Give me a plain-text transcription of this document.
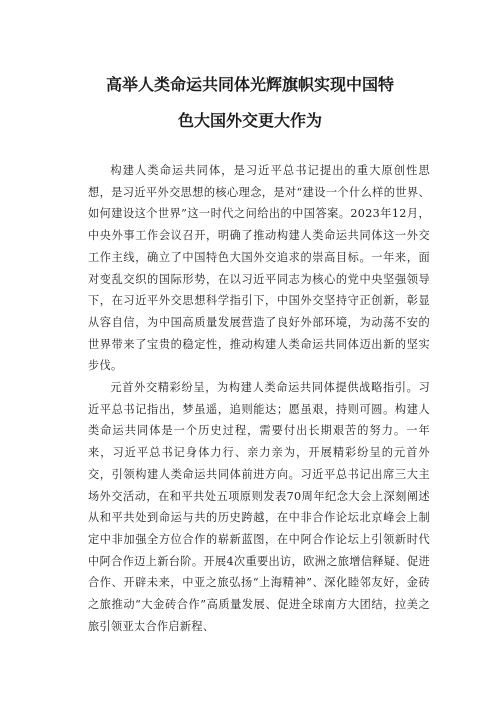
高举人类命运共同体光辉旗帜实现中国特
色大国外交更大作为

构建人类命运共同体，是习近平总书记提出的重大原创性思想，是习近平外交思想的核心理念，是对“建设一个什么样的世界、如何建设这个世界”这一时代之问给出的中国答案。2023年12月，中央外事工作会议召开，明确了推动构建人类命运共同体这一外交工作主线，确立了中国特色大国外交追求的崇高目标。一年来，面对变乱交织的国际形势，在以习近平同志为核心的党中央坚强领导下，在习近平外交思想科学指引下，中国外交坚持守正创新，彰显从容自信，为中国高质量发展营造了良好外部环境，为动荡不安的世界带来了宝贵的稳定性，推动构建人类命运共同体迈出新的坚实步伐。

元首外交精彩纷呈，为构建人类命运共同体提供战略指引。习近平总书记指出，梦虽遥，追则能达；愿虽艰，持则可圆。构建人类命运共同体是一个历史过程，需要付出长期艰苦的努力。一年来，习近平总书记身体力行、亲力亲为，开展精彩纷呈的元首外交，引领构建人类命运共同体前进方向。习近平总书记出席三大主场外交活动，在和平共处五项原则发表70周年纪念大会上深刻阐述从和平共处到命运与共的历史跨越，在中非合作论坛北京峰会上制定中非加强全方位合作的崭新蓝图，在中阿合作论坛上引领新时代中阿合作迈上新台阶。开展4次重要出访，欧洲之旅增信释疑、促进合作、开辟未来，中亚之旅弘扬“上海精神”、深化睦邻友好，金砖之旅推动“大金砖合作”高质量发展、促进全球南方大团结，拉美之旅引领亚太合作启新程、
